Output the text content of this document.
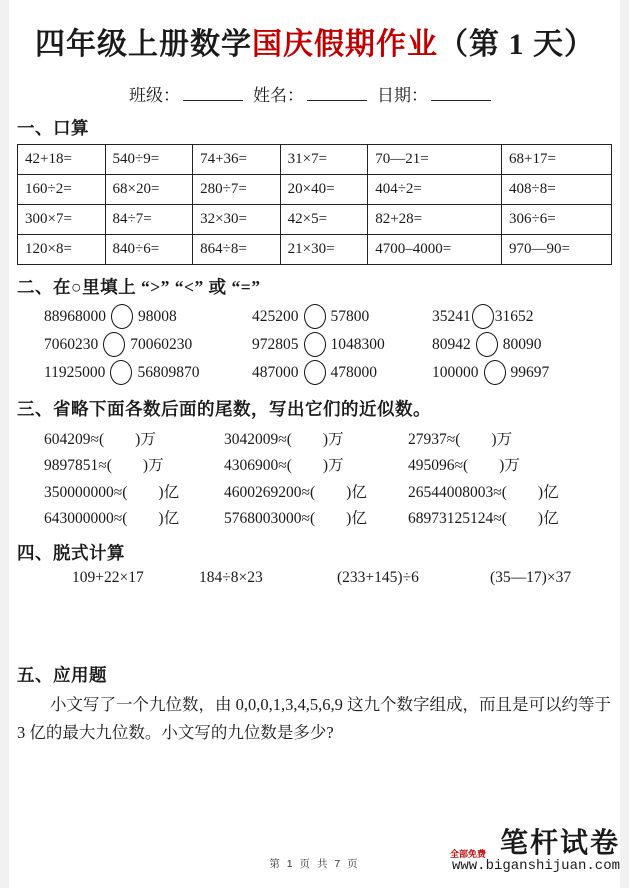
四年级上册数学国庆假期作业（第 1 天）
班级：	姓名：	日期：
一、口算
42+18=	540÷9=	74+36=	31×7=	70—21=	68+17=
160÷2=	68×20=	280÷7=	20×40=	404÷2=	408÷8=
300×7=	84÷7=	32×30=	42×5=	82+28=	306÷6=
120×8=	840÷6=	864÷8=	21×30=	4700–4000=	970—90=
二、在○里填上 “>” “<” 或 “=”
88968000 98008	425200 57800	35241 31652
7060230 70060230	972805 1048300	80942 80090
11925000 56809870	487000 478000	100000 99697
三、省略下面各数后面的尾数，写出它们的近似数。
604209≈(　　)万	3042009≈(　　)万	27937≈(　　)万
9897851≈(　　)万	4306900≈(　　)万	495096≈(　　)万
350000000≈(　　)亿	4600269200≈(　　)亿	26544008003≈(　　)亿
643000000≈(　　)亿	5768003000≈(　　)亿	68973125124≈(　　)亿
四、脱式计算
109+22×17	184÷8×23	(233+145)÷6	(35—17)×37
五、应用题

小文写了一个九位数，由 0,0,0,1,3,4,5,6,9 这九个数字组成，而且是可以约等于 3 亿的最大九位数。小文写的九位数是多少?

笔杆试卷
全部免费
www.biganshijuan.com
第 1 页 共 7 页
